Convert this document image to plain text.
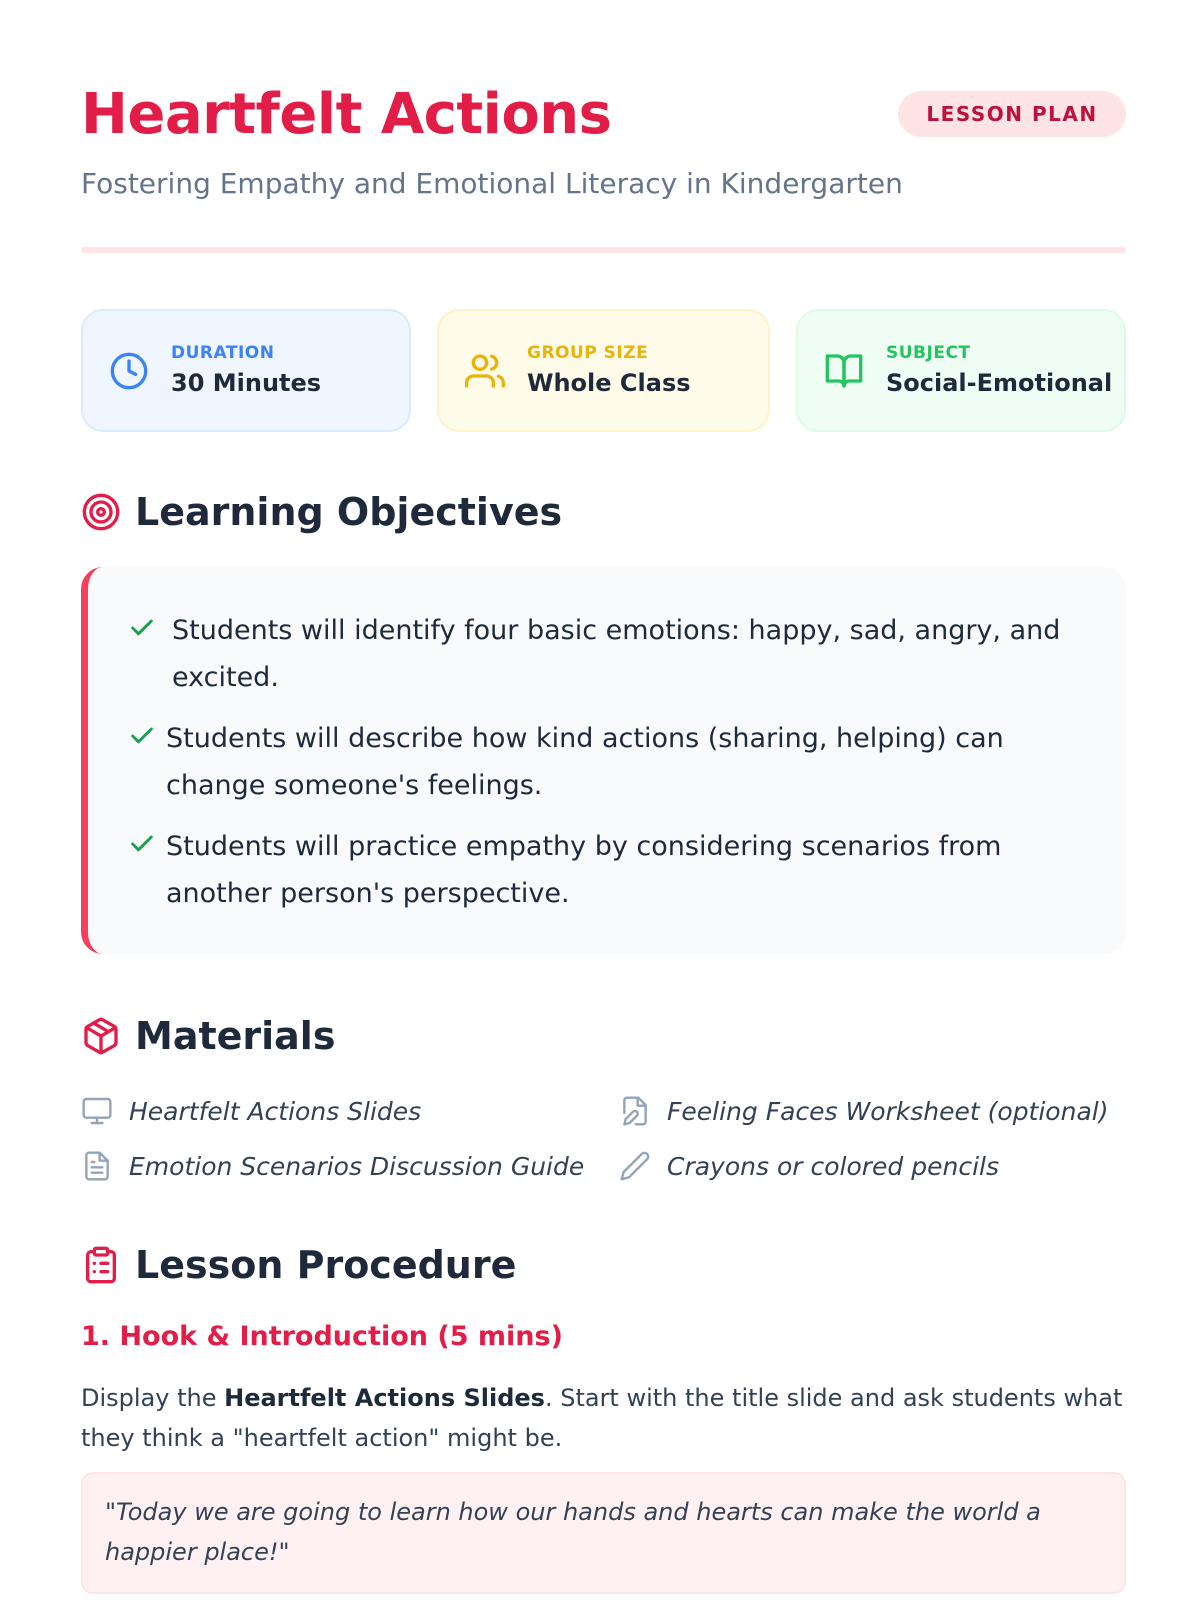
Heartfelt Actions	LESSON PLAN
Fostering Empathy and Emotional Literacy in Kindergarten
DURATION
30 Minutes
GROUP SIZE
Whole Class
SUBJECT
Social-Emotional
Learning Objectives
Students will identify four basic emotions: happy, sad, angry, and
excited.
Students will describe how kind actions (sharing, helping) can
change someone's feelings.
Students will practice empathy by considering scenarios from
another person's perspective.
Materials
Heartfelt Actions Slides	Feeling Faces Worksheet (optional)
Emotion Scenarios Discussion Guide	Crayons or colored pencils
Lesson Procedure
1. Hook & Introduction (5 mins)
Display the Heartfelt Actions Slides. Start with the title slide and ask students what
they think a "heartfelt action" might be.
"Today we are going to learn how our hands and hearts can make the world a
happier place!"
